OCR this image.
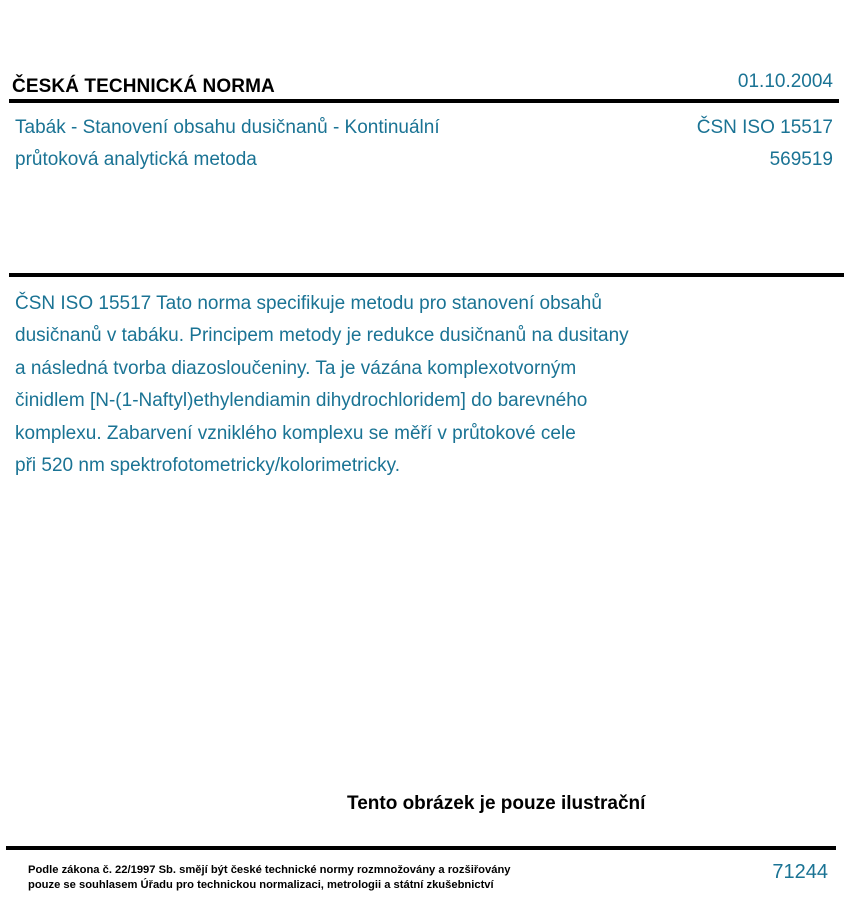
ČESKÁ TECHNICKÁ NORMA	01.10.2004
Tabák - Stanovení obsahu dusičnanů - Kontinuální
průtoková analytická metoda
ČSN ISO 15517
569519
ČSN ISO 15517 Tato norma specifikuje metodu pro stanovení obsahů
dusičnanů v tabáku. Principem metody je redukce dusičnanů na dusitany
a následná tvorba diazosloučeniny. Ta je vázána komplexotvorným
činidlem [N-(1-Naftyl)ethylendiamin dihydrochloridem] do barevného
komplexu. Zabarvení vzniklého komplexu se měří v průtokové cele
při 520 nm spektrofotometricky/kolorimetricky.
Tento obrázek je pouze ilustrační
Podle zákona č. 22/1997 Sb. smějí být české technické normy rozmnožovány a rozšiřovány
pouze se souhlasem Úřadu pro technickou normalizaci, metrologii a státní zkušebnictví
71244
